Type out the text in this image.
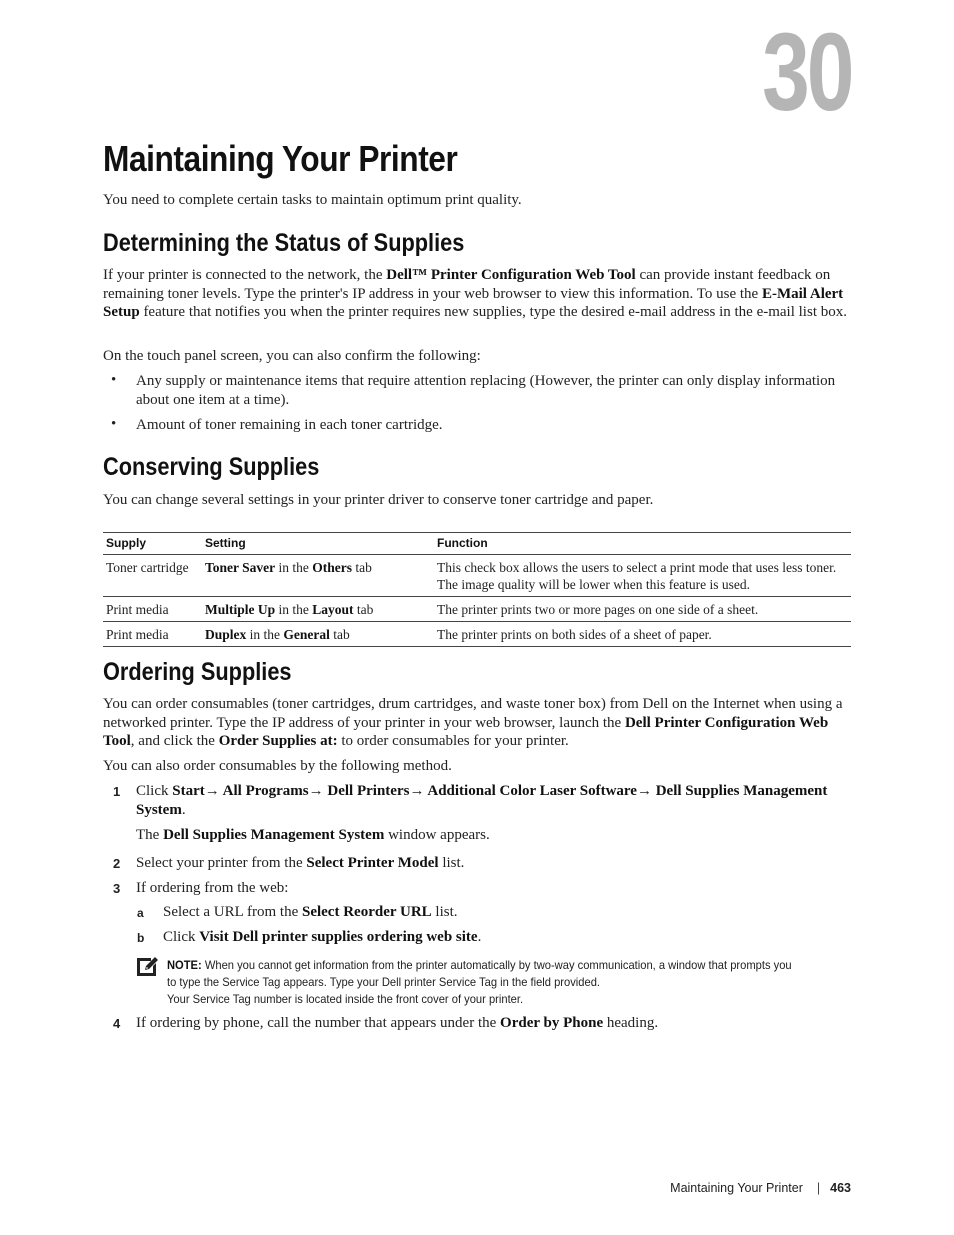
30
Maintaining Your Printer

You need to complete certain tasks to maintain optimum print quality.

Determining the Status of Supplies

If your printer is connected to the network, the Dell™ Printer Configuration Web Tool can provide instant feedback on remaining toner levels. Type the printer's IP address in your web browser to view this information. To use the E-Mail Alert Setup feature that notifies you when the printer requires new supplies, type the desired e-mail address in the e-mail list box.

On the touch panel screen, you can also confirm the following:

• Any supply or maintenance items that require attention replacing (However, the printer can only display information about one item at a time).

• Amount of toner remaining in each toner cartridge.

Conserving Supplies

You can change several settings in your printer driver to conserve toner cartridge and paper.

Supply	Setting	Function
Toner cartridge	Toner Saver in the Others tab	This check box allows the users to select a print mode that uses less toner. The image quality will be lower when this feature is used.
Print media	Multiple Up in the Layout tab	The printer prints two or more pages on one side of a sheet.
Print media	Duplex in the General tab	The printer prints on both sides of a sheet of paper.
Ordering Supplies

You can order consumables (toner cartridges, drum cartridges, and waste toner box) from Dell on the Internet when using a networked printer. Type the IP address of your printer in your web browser, launch the Dell Printer Configuration Web Tool, and click the Order Supplies at: to order consumables for your printer.

You can also order consumables by the following method.

1 Click Start→ All Programs→ Dell Printers→ Additional Color Laser Software→ Dell Supplies Management System.

The Dell Supplies Management System window appears.

2 Select your printer from the Select Printer Model list.

3 If ordering from the web:

a Select a URL from the Select Reorder URL list.

b Click Visit Dell printer supplies ordering web site.

NOTE: When you cannot get information from the printer automatically by two-way communication, a window that prompts you to type the Service Tag appears. Type your Dell printer Service Tag in the field provided.
Your Service Tag number is located inside the front cover of your printer.

4 If ordering by phone, call the number that appears under the Order by Phone heading.

Maintaining Your Printer | 463
